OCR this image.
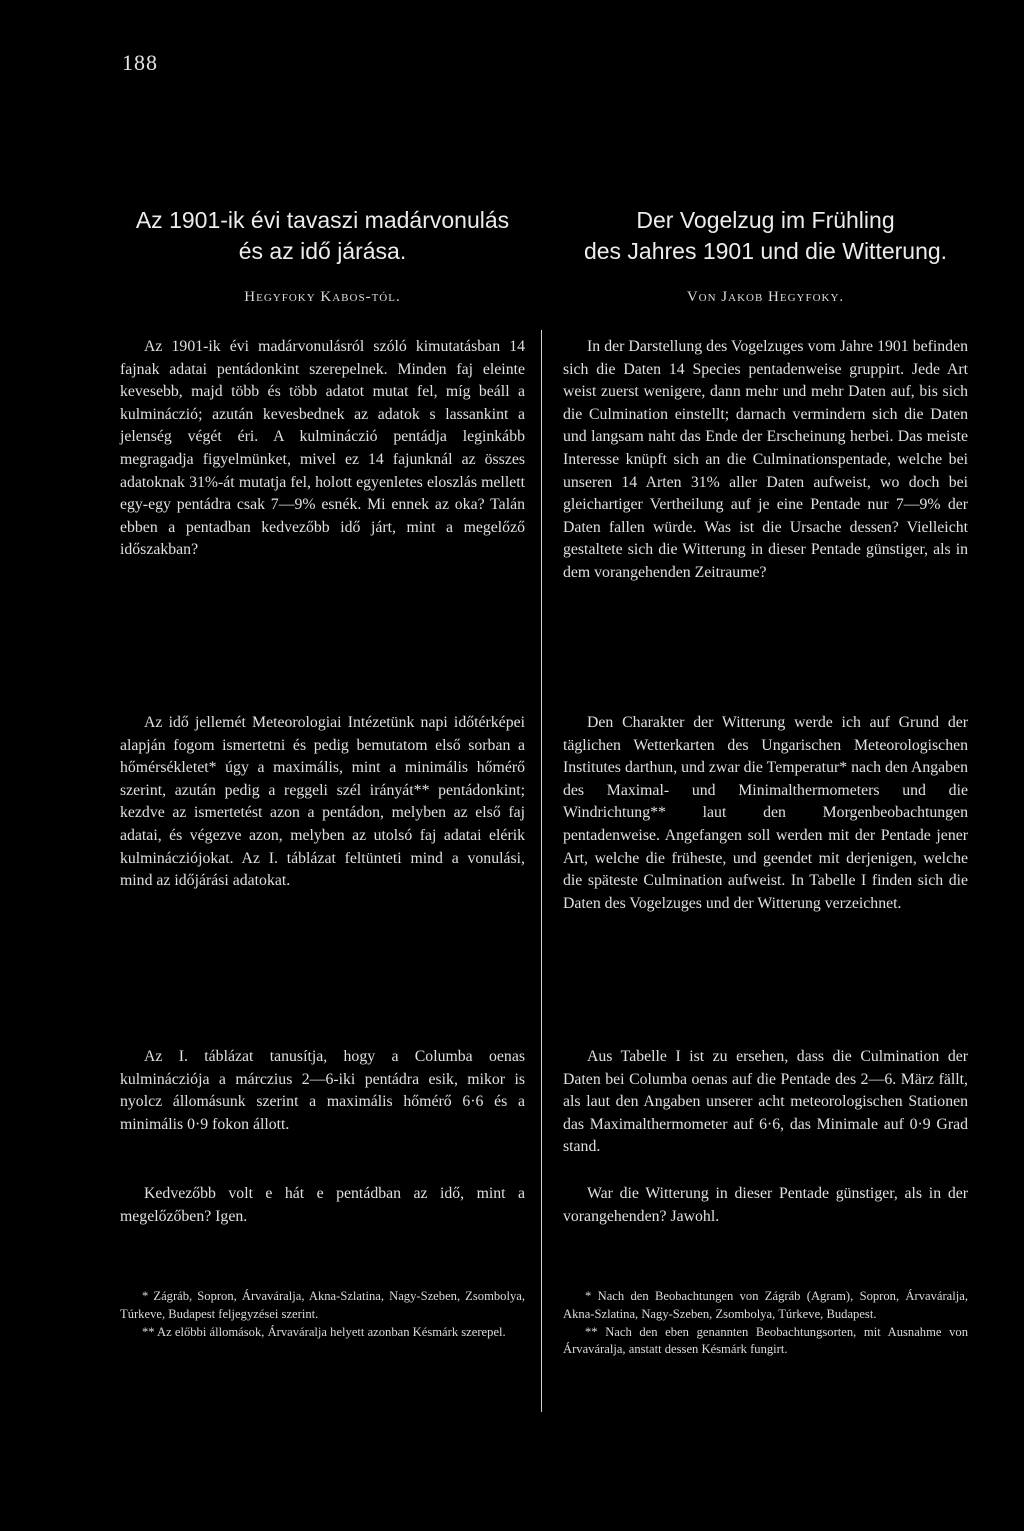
188
Az 1901-ik évi tavaszi madárvonulás
és az idő járása.
Hegyfoky Kabos-tól.

Az 1901-ik évi madárvonulásról szóló kimutatásban 14 fajnak adatai pentádonkint szerepelnek. Minden faj eleinte kevesebb, majd több és több adatot mutat fel, míg beáll a kulmináczió; azután kevesbednek az adatok s lassankint a jelenség végét éri. A kulmináczió pentádja leginkább megragadja figyelmünket, mivel ez 14 fajunknál az összes adatoknak 31%-át mutatja fel, holott egyenletes eloszlás mellett egy-egy pentádra csak 7—9% esnék. Mi ennek az oka? Talán ebben a pentadban kedvezőbb idő járt, mint a megelőző időszakban?

Az idő jellemét Meteorologiai Intézetünk napi időtérképei alapján fogom ismertetni és pedig bemutatom első sorban a hőmérsékletet* úgy a maximális, mint a minimális hőmérő szerint, azután pedig a reggeli szél irányát** pentádonkint; kezdve az ismertetést azon a pentádon, melyben az első faj adatai, és végezve azon, melyben az utolsó faj adatai elérik kulminácziójokat. Az I. táblázat feltünteti mind a vonulási, mind az időjárási adatokat.

Az I. táblázat tanusítja, hogy a Columba oenas kulminácziója a márczius 2—6-iki pentádra esik, mikor is nyolcz állomásunk szerint a maximális hőmérő 6·6 és a minimális 0·9 fokon állott.

Kedvezőbb volt e hát e pentádban az idő, mint a megelőzőben? Igen.

* Zágráb, Sopron, Árvaváralja, Akna-Szlatina, Nagy-Szeben, Zsombolya, Túrkeve, Budapest feljegyzései szerint.

** Az előbbi állomások, Árvaváralja helyett azonban Késmárk szerepel.

Der Vogelzug im Frühling
des Jahres 1901 und die Witterung.
Von Jakob Hegyfoky.

In der Darstellung des Vogelzuges vom Jahre 1901 befinden sich die Daten 14 Species pentadenweise gruppirt. Jede Art weist zuerst wenigere, dann mehr und mehr Daten auf, bis sich die Culmination einstellt; darnach vermindern sich die Daten und langsam naht das Ende der Erscheinung herbei. Das meiste Interesse knüpft sich an die Culminationspentade, welche bei unseren 14 Arten 31% aller Daten aufweist, wo doch bei gleichartiger Vertheilung auf je eine Pentade nur 7—9% der Daten fallen würde. Was ist die Ursache dessen? Vielleicht gestaltete sich die Witterung in dieser Pentade günstiger, als in dem vorangehenden Zeitraume?

Den Charakter der Witterung werde ich auf Grund der täglichen Wetterkarten des Ungarischen Meteorologischen Institutes darthun, und zwar die Temperatur* nach den Angaben des Maximal- und Minimalthermometers und die Windrichtung** laut den Morgenbeobachtungen pentadenweise. Angefangen soll werden mit der Pentade jener Art, welche die früheste, und geendet mit derjenigen, welche die späteste Culmination aufweist. In Tabelle I finden sich die Daten des Vogelzuges und der Witterung verzeichnet.

Aus Tabelle I ist zu ersehen, dass die Culmination der Daten bei Columba oenas auf die Pentade des 2—6. März fällt, als laut den Angaben unserer acht meteorologischen Stationen das Maximalthermometer auf 6·6, das Minimale auf 0·9 Grad stand.

War die Witterung in dieser Pentade günstiger, als in der vorangehenden? Jawohl.

* Nach den Beobachtungen von Zágráb (Agram), Sopron, Árvaváralja, Akna-Szlatina, Nagy-Szeben, Zsombolya, Túrkeve, Budapest.

** Nach den eben genannten Beobachtungsorten, mit Ausnahme von Árvaváralja, anstatt dessen Késmárk fungirt.
